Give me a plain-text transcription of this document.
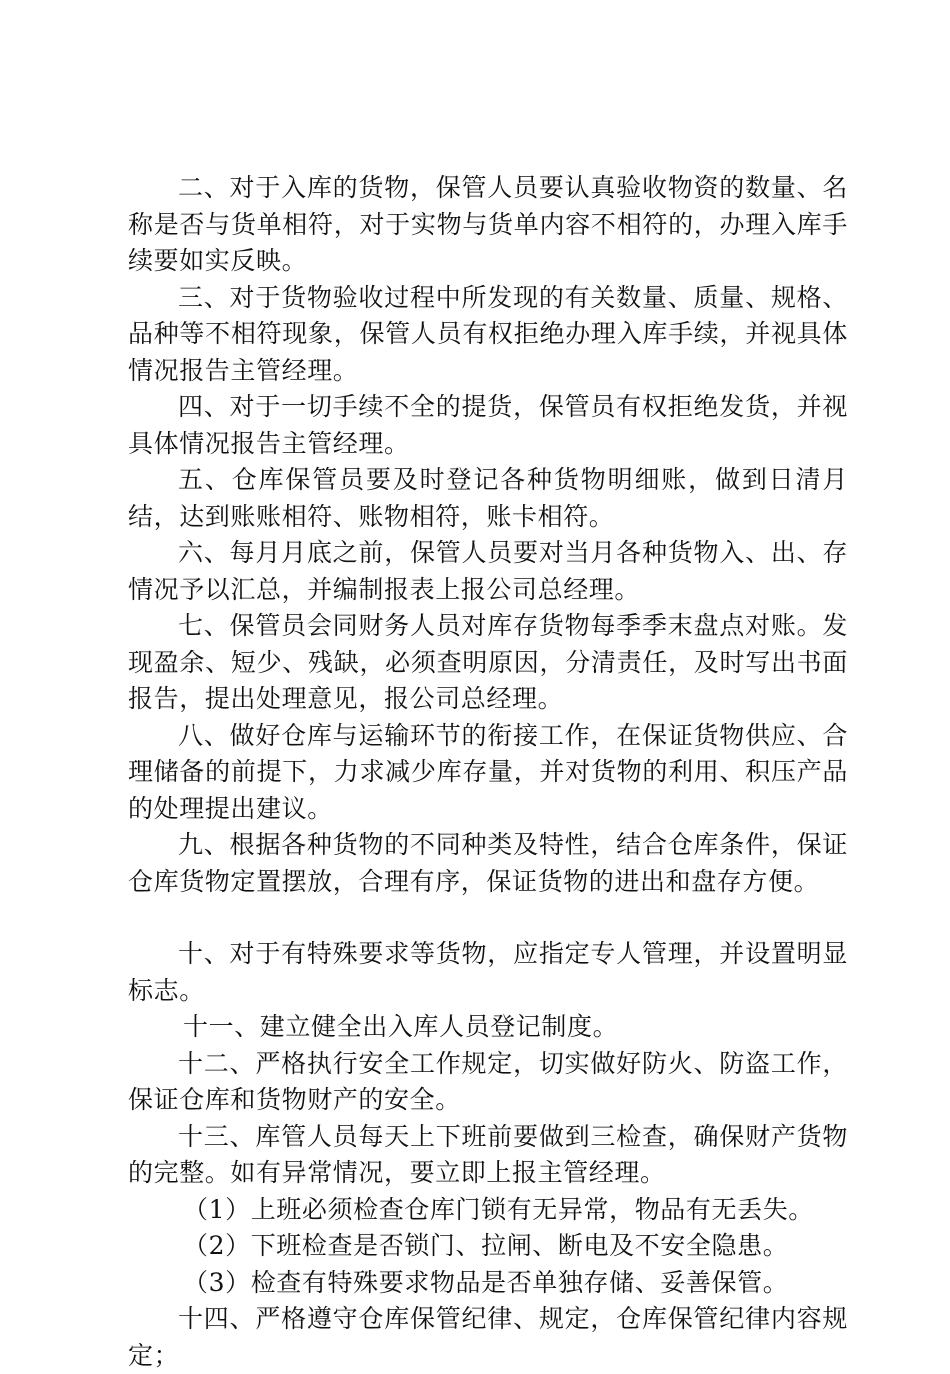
二、对于入库的货物，保管人员要认真验收物资的数量、名称是否与货单相符，对于实物与货单内容不相符的，办理入库手续要如实反映。

三、对于货物验收过程中所发现的有关数量、质量、规格、品种等不相符现象，保管人员有权拒绝办理入库手续，并视具体情况报告主管经理。

四、对于一切手续不全的提货，保管员有权拒绝发货，并视具体情况报告主管经理。

五、仓库保管员要及时登记各种货物明细账，做到日清月结，达到账账相符、账物相符，账卡相符。

六、每月月底之前，保管人员要对当月各种货物入、出、存情况予以汇总，并编制报表上报公司总经理。

七、保管员会同财务人员对库存货物每季季末盘点对账。发现盈余、短少、残缺，必须查明原因，分清责任，及时写出书面报告，提出处理意见，报公司总经理。

八、做好仓库与运输环节的衔接工作，在保证货物供应、合理储备的前提下，力求减少库存量，并对货物的利用、积压产品的处理提出建议。

九、根据各种货物的不同种类及特性，结合仓库条件，保证仓库货物定置摆放，合理有序，保证货物的进出和盘存方便。

十、对于有特殊要求等货物，应指定专人管理，并设置明显标志。

十一、建立健全出入库人员登记制度。

十二、严格执行安全工作规定，切实做好防火、防盗工作，保证仓库和货物财产的安全。

十三、库管人员每天上下班前要做到三检查，确保财产货物的完整。如有异常情况，要立即上报主管经理。

（1）上班必须检查仓库门锁有无异常，物品有无丢失。

（2）下班检查是否锁门、拉闸、断电及不安全隐患。

（3）检查有特殊要求物品是否单独存储、妥善保管。

十四、严格遵守仓库保管纪律、规定，仓库保管纪律内容规定；
